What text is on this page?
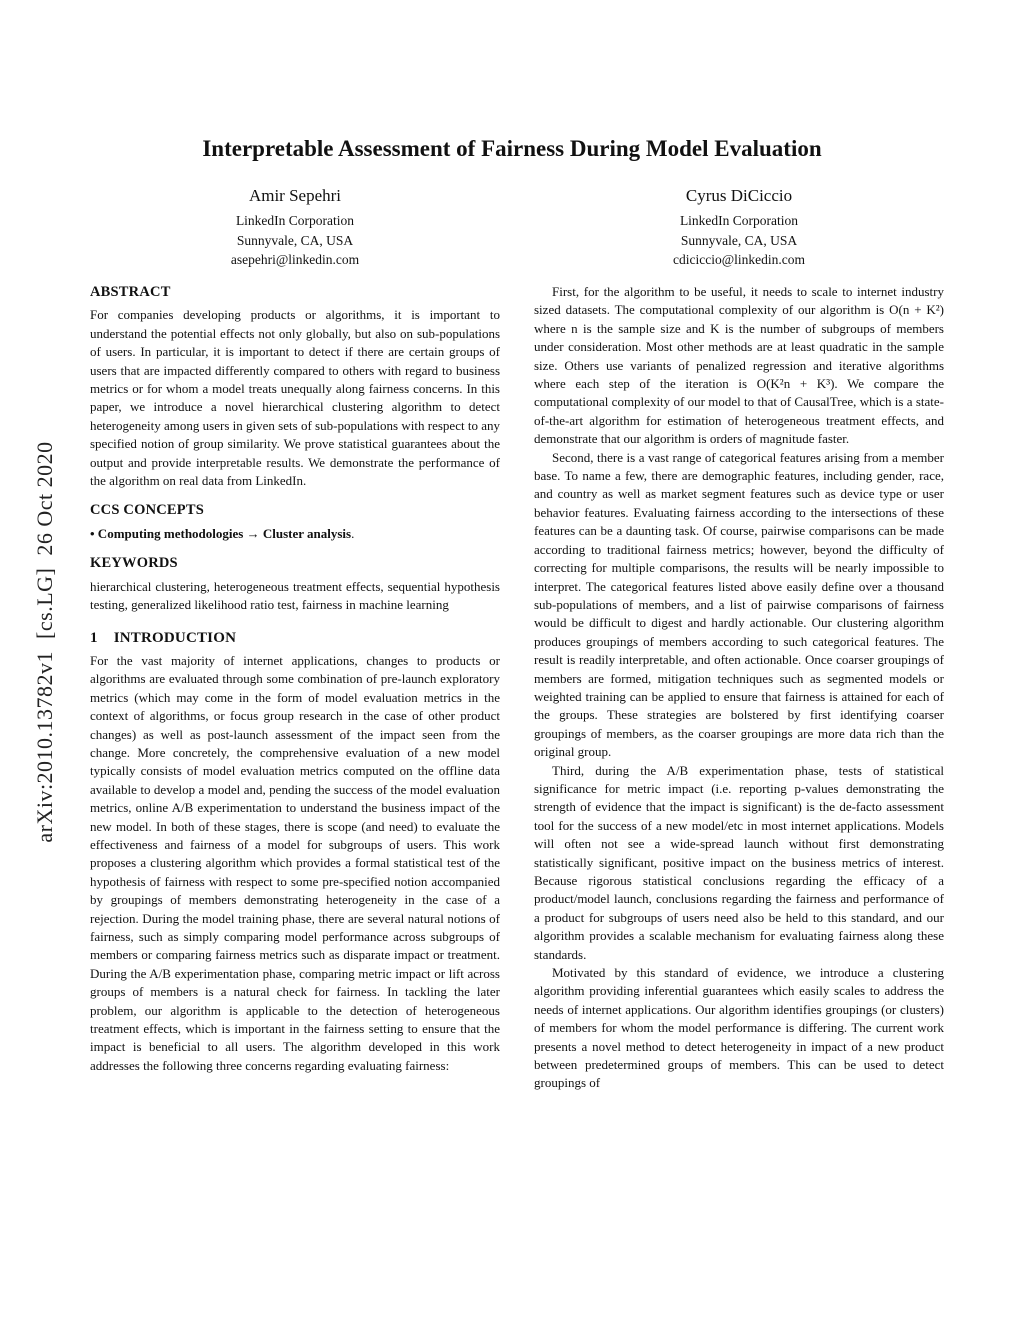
arXiv:2010.13782v1  [cs.LG]  26 Oct 2020
Interpretable Assessment of Fairness During Model Evaluation
Amir Sepehri
LinkedIn Corporation
Sunnyvale, CA, USA
asepehri@linkedin.com
Cyrus DiCiccio
LinkedIn Corporation
Sunnyvale, CA, USA
cdiciccio@linkedin.com
ABSTRACT

For companies developing products or algorithms, it is important to understand the potential effects not only globally, but also on sub-populations of users. In particular, it is important to detect if there are certain groups of users that are impacted differently compared to others with regard to business metrics or for whom a model treats unequally along fairness concerns. In this paper, we introduce a novel hierarchical clustering algorithm to detect heterogeneity among users in given sets of sub-populations with respect to any specified notion of group similarity. We prove statistical guarantees about the output and provide interpretable results. We demonstrate the performance of the algorithm on real data from LinkedIn.

CCS CONCEPTS

• Computing methodologies → Cluster analysis.

KEYWORDS

hierarchical clustering, heterogeneous treatment effects, sequential hypothesis testing, generalized likelihood ratio test, fairness in machine learning

1 INTRODUCTION

For the vast majority of internet applications, changes to products or algorithms are evaluated through some combination of pre-launch exploratory metrics (which may come in the form of model evaluation metrics in the context of algorithms, or focus group research in the case of other product changes) as well as post-launch assessment of the impact seen from the change. More concretely, the comprehensive evaluation of a new model typically consists of model evaluation metrics computed on the offline data available to develop a model and, pending the success of the model evaluation metrics, online A/B experimentation to understand the business impact of the new model. In both of these stages, there is scope (and need) to evaluate the effectiveness and fairness of a model for subgroups of users. This work proposes a clustering algorithm which provides a formal statistical test of the hypothesis of fairness with respect to some pre-specified notion accompanied by groupings of members demonstrating heterogeneity in the case of a rejection. During the model training phase, there are several natural notions of fairness, such as simply comparing model performance across subgroups of members or comparing fairness metrics such as disparate impact or treatment. During the A/B experimentation phase, comparing metric impact or lift across groups of members is a natural check for fairness. In tackling the later problem, our algorithm is applicable to the detection of heterogeneous treatment effects, which is important in the fairness setting to ensure that the impact is beneficial to all users. The algorithm developed in this work addresses the following three concerns regarding evaluating fairness:

First, for the algorithm to be useful, it needs to scale to internet industry sized datasets. The computational complexity of our algorithm is O(n + K²) where n is the sample size and K is the number of subgroups of members under consideration. Most other methods are at least quadratic in the sample size. Others use variants of penalized regression and iterative algorithms where each step of the iteration is O(K²n + K³). We compare the computational complexity of our model to that of CausalTree, which is a state-of-the-art algorithm for estimation of heterogeneous treatment effects, and demonstrate that our algorithm is orders of magnitude faster.

Second, there is a vast range of categorical features arising from a member base. To name a few, there are demographic features, including gender, race, and country as well as market segment features such as device type or user behavior features. Evaluating fairness according to the intersections of these features can be a daunting task. Of course, pairwise comparisons can be made according to traditional fairness metrics; however, beyond the difficulty of correcting for multiple comparisons, the results will be nearly impossible to interpret. The categorical features listed above easily define over a thousand sub-populations of members, and a list of pairwise comparisons of fairness would be difficult to digest and hardly actionable. Our clustering algorithm produces groupings of members according to such categorical features. The result is readily interpretable, and often actionable. Once coarser groupings of members are formed, mitigation techniques such as segmented models or weighted training can be applied to ensure that fairness is attained for each of the groups. These strategies are bolstered by first identifying coarser groupings of members, as the coarser groupings are more data rich than the original group.

Third, during the A/B experimentation phase, tests of statistical significance for metric impact (i.e. reporting p-values demonstrating the strength of evidence that the impact is significant) is the de-facto assessment tool for the success of a new model/etc in most internet applications. Models will often not see a wide-spread launch without first demonstrating statistically significant, positive impact on the business metrics of interest. Because rigorous statistical conclusions regarding the efficacy of a product/model launch, conclusions regarding the fairness and performance of a product for subgroups of users need also be held to this standard, and our algorithm provides a scalable mechanism for evaluating fairness along these standards.

Motivated by this standard of evidence, we introduce a clustering algorithm providing inferential guarantees which easily scales to address the needs of internet applications. Our algorithm identifies groupings (or clusters) of members for whom the model performance is differing. The current work presents a novel method to detect heterogeneity in impact of a new product between predetermined groups of members. This can be used to detect groupings of
